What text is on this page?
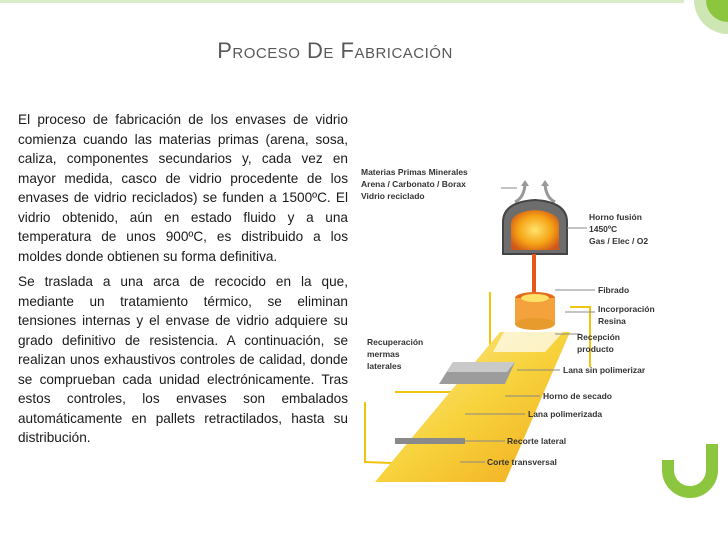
Proceso De Fabricación

El proceso de fabricación de los envases de vidrio comienza cuando las materias primas (arena, sosa, caliza, componentes secundarios y, cada vez en mayor medida, casco de vidrio procedente de los envases de vidrio reciclados) se funden a 1500ºC. El vidrio obtenido, aún en estado fluido y a una temperatura de unos 900ºC, es distribuido a los moldes donde obtienen su forma definitiva.

Se traslada a una arca de recocido en la que, mediante un tratamiento térmico, se eliminan tensiones internas y el envase de vidrio adquiere su grado definitivo de resistencia. A continuación, se realizan unos exhaustivos controles de calidad, donde se comprueban cada unidad electrónicamente. Tras estos controles, los envases son embalados automáticamente en pallets retractilados, hasta su distribución.

Materias Primas Minerales
Arena / Carbonato / Borax
Vidrio reciclado
Horno fusión
1450ºC
Gas / Elec / O2
Fibrado
Incorporación
Resina
Recepción
producto
Recuperación
mermas
laterales	Lana sin polimerizar
Horno de secado
Lana polimerizada
Recorte lateral
Corte transversal
